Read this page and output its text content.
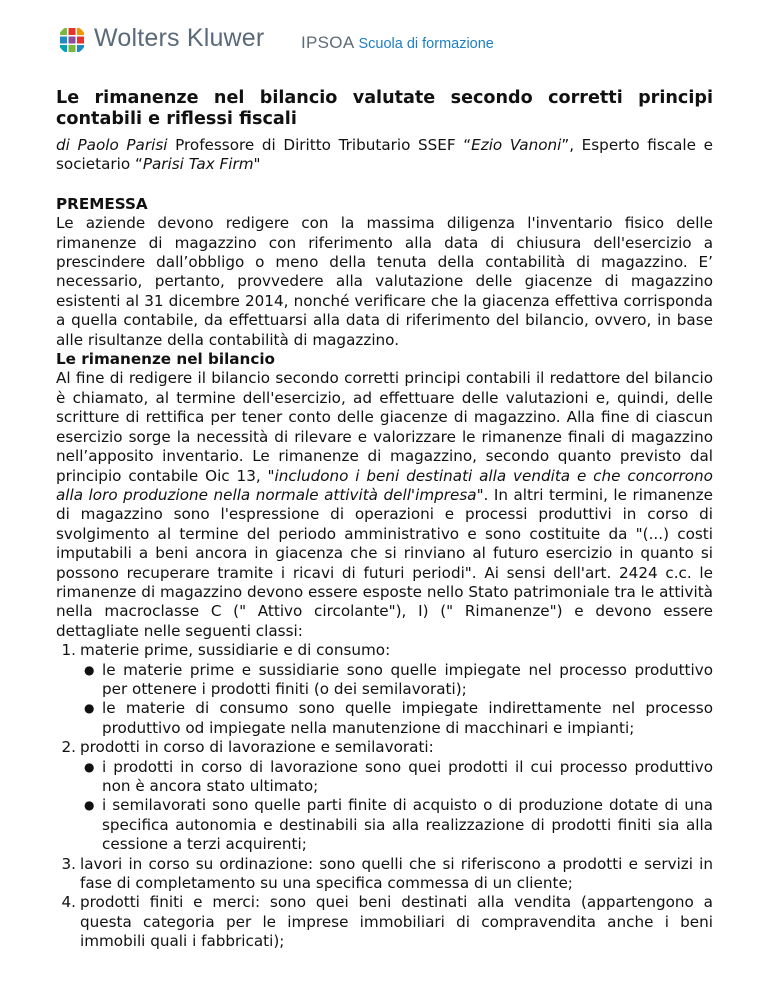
Wolters Kluwer IPSOA Scuola di formazione
Le rimanenze nel bilancio valutate secondo corretti principi
contabili e riflessi fiscali
di Paolo Parisi Professore di Diritto Tributario SSEF “Ezio Vanoni”, Esperto fiscale e
societario “Parisi Tax Firm"
PREMESSA

Le aziende devono redigere con la massima diligenza l'inventario fisico delle rimanenze di magazzino con riferimento alla data di chiusura dell'esercizio a prescindere dall’obbligo o meno della tenuta della contabilità di magazzino. E’ necessario, pertanto, provvedere alla valutazione delle giacenze di magazzino esistenti al 31 dicembre 2014, nonché verificare che la giacenza effettiva corrisponda a quella contabile, da effettuarsi alla data di riferimento del bilancio, ovvero, in base alle risultanze della contabilità di magazzino.

Le rimanenze nel bilancio

Al fine di redigere il bilancio secondo corretti principi contabili il redattore del bilancio è chiamato, al termine dell'esercizio, ad effettuare delle valutazioni e, quindi, delle scritture di rettifica per tener conto delle giacenze di magazzino. Alla fine di ciascun esercizio sorge la necessità di rilevare e valorizzare le rimanenze finali di magazzino nell’apposito inventario. Le rimanenze di magazzino, secondo quanto previsto dal principio contabile Oic 13, "includono i beni destinati alla vendita e che concorrono alla loro produzione nella normale attività dell'impresa". In altri termini, le rimanenze di magazzino sono l'espressione di operazioni e processi produttivi in corso di svolgimento al termine del periodo amministrativo e sono costituite da "(...) costi imputabili a beni ancora in giacenza che si rinviano al futuro esercizio in quanto si possono recuperare tramite i ricavi di futuri periodi". Ai sensi dell'art. 2424 c.c. le rimanenze di magazzino devono essere esposte nello Stato patrimoniale tra le attività nella macroclasse C (" Attivo circolante"), I) (" Rimanenze") e devono essere dettagliate nelle seguenti classi:

1. materie prime, sussidiarie e di consumo:
● le materie prime e sussidiarie sono quelle impiegate nel processo produttivo per ottenere i prodotti finiti (o dei semilavorati);
● le materie di consumo sono quelle impiegate indirettamente nel processo produttivo od impiegate nella manutenzione di macchinari e impianti;
2. prodotti in corso di lavorazione e semilavorati:
● i prodotti in corso di lavorazione sono quei prodotti il cui processo produttivo non è ancora stato ultimato;
● i semilavorati sono quelle parti finite di acquisto o di produzione dotate di una specifica autonomia e destinabili sia alla realizzazione di prodotti finiti sia alla cessione a terzi acquirenti;
3. lavori in corso su ordinazione: sono quelli che si riferiscono a prodotti e servizi in fase di completamento su una specifica commessa di un cliente;
4. prodotti finiti e merci: sono quei beni destinati alla vendita (appartengono a questa categoria per le imprese immobiliari di compravendita anche i beni immobili quali i fabbricati);
